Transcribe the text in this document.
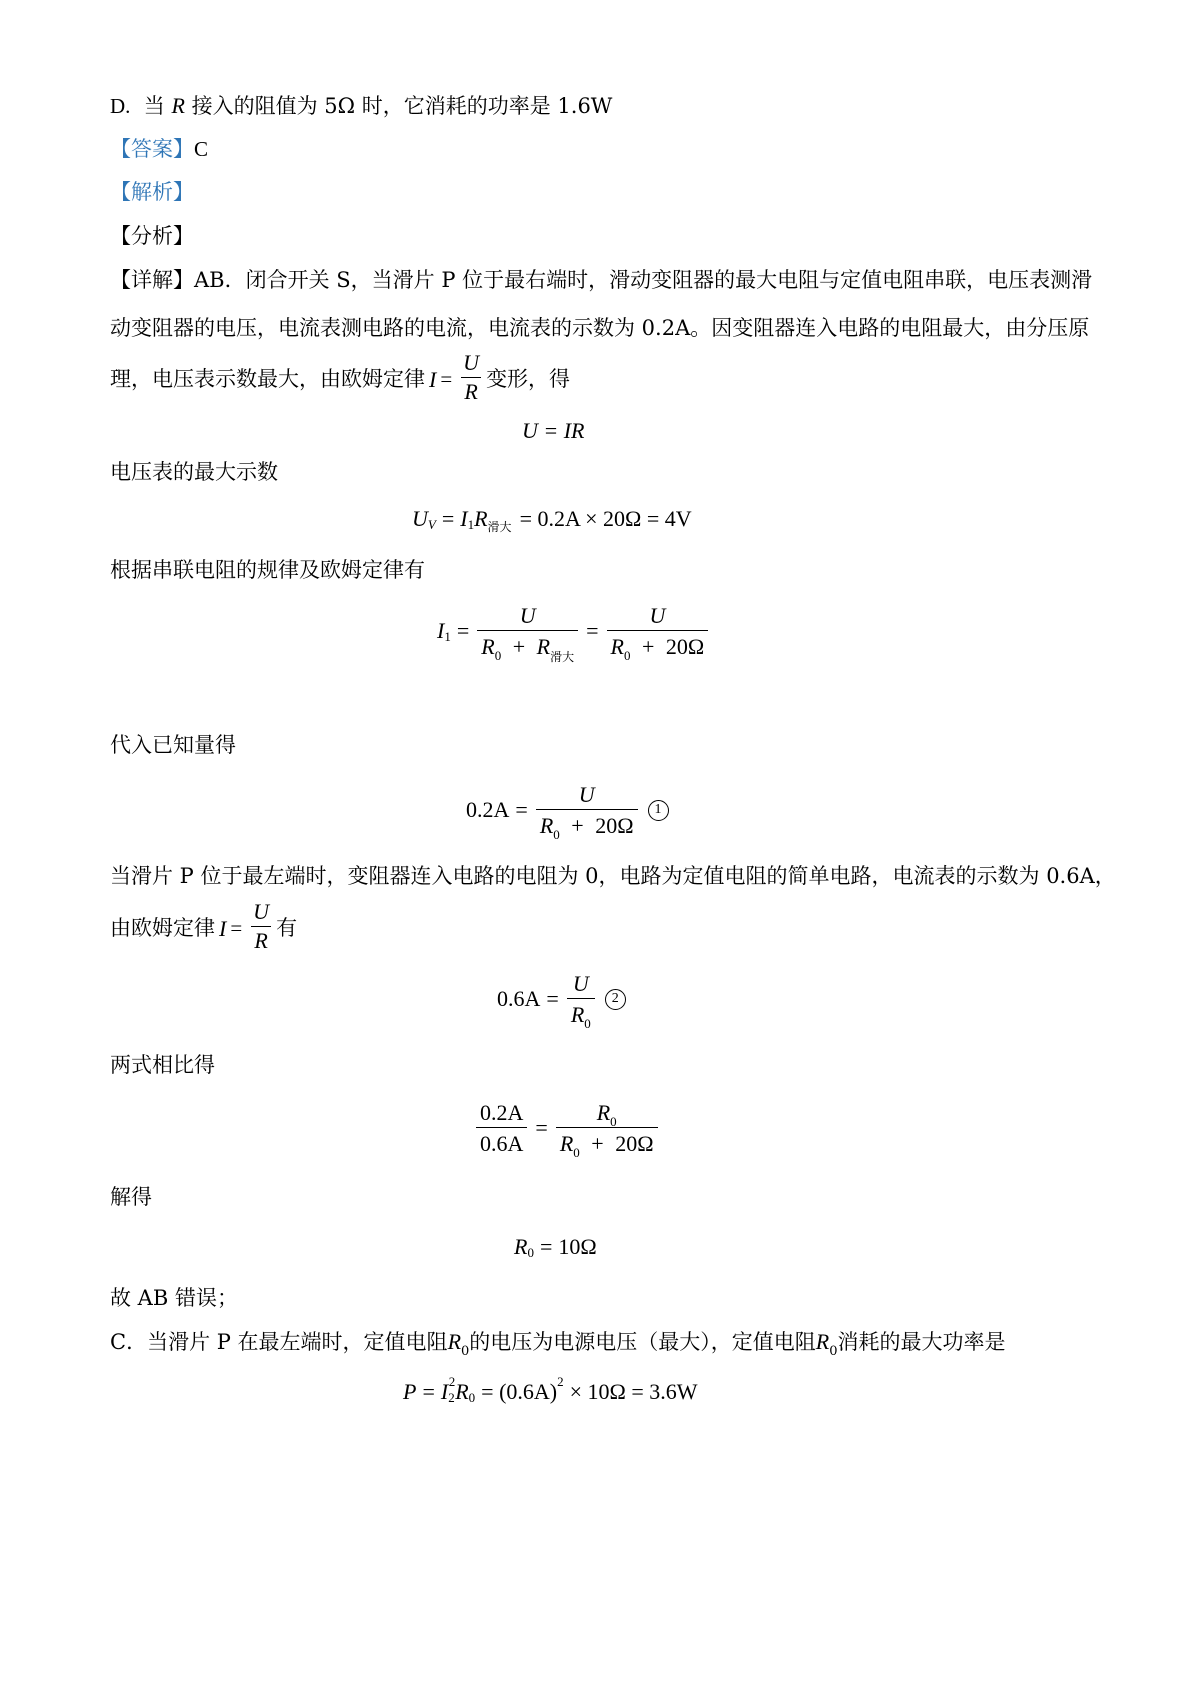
D. 当 R 接入的阻值为 5Ω 时，它消耗的功率是 1.6W
【答案】C
【解析】
【分析】
【详解】AB．闭合开关 S，当滑片 P 位于最右端时，滑动变阻器的最大电阻与定值电阻串联，电压表测滑
动变阻器的电压，电流表测电路的电流，电流表的示数为 0.2A。因变阻器连入电路的电阻最大，由分压原
理，电压表示数最大，由欧姆定律 $I = \frac{U}{R}$ 变形，得
U = IR
电压表的最大示数
U V = I 1 R 滑大 = 0.2A × 20Ω = 4V
根据串联电阻的规律及欧姆定律有
I $1 = \frac{U}{R_0 + R_{滑大}} = \frac{U}{R_0 + 20\Omega}$
代入已知量得
$0.2A = \frac{U}{R_0 + 20\Omega}$	1
当滑片 P 位于最左端时，变阻器连入电路的电阻为 0，电路为定值电阻的简单电路，电流表的示数为 0.6A，
由欧姆定律 $I = \frac{U}{R}$ 有
$0.6A = \frac{U}{R_0}$	2
两式相比得
$\frac{0.2A}{0.6A} = \frac{R_0}{R_0 + 20\Omega}$
解得
R 0 = 10Ω
故 AB 错误；
C．当滑片 P 在最左端时，定值电阻$R_0$的电压为电源电压（最大），定值电阻$R_0$消耗的最大功率是
P = I 2
2 R 0 = (0.6A) 2 × 10Ω = 3.6W
